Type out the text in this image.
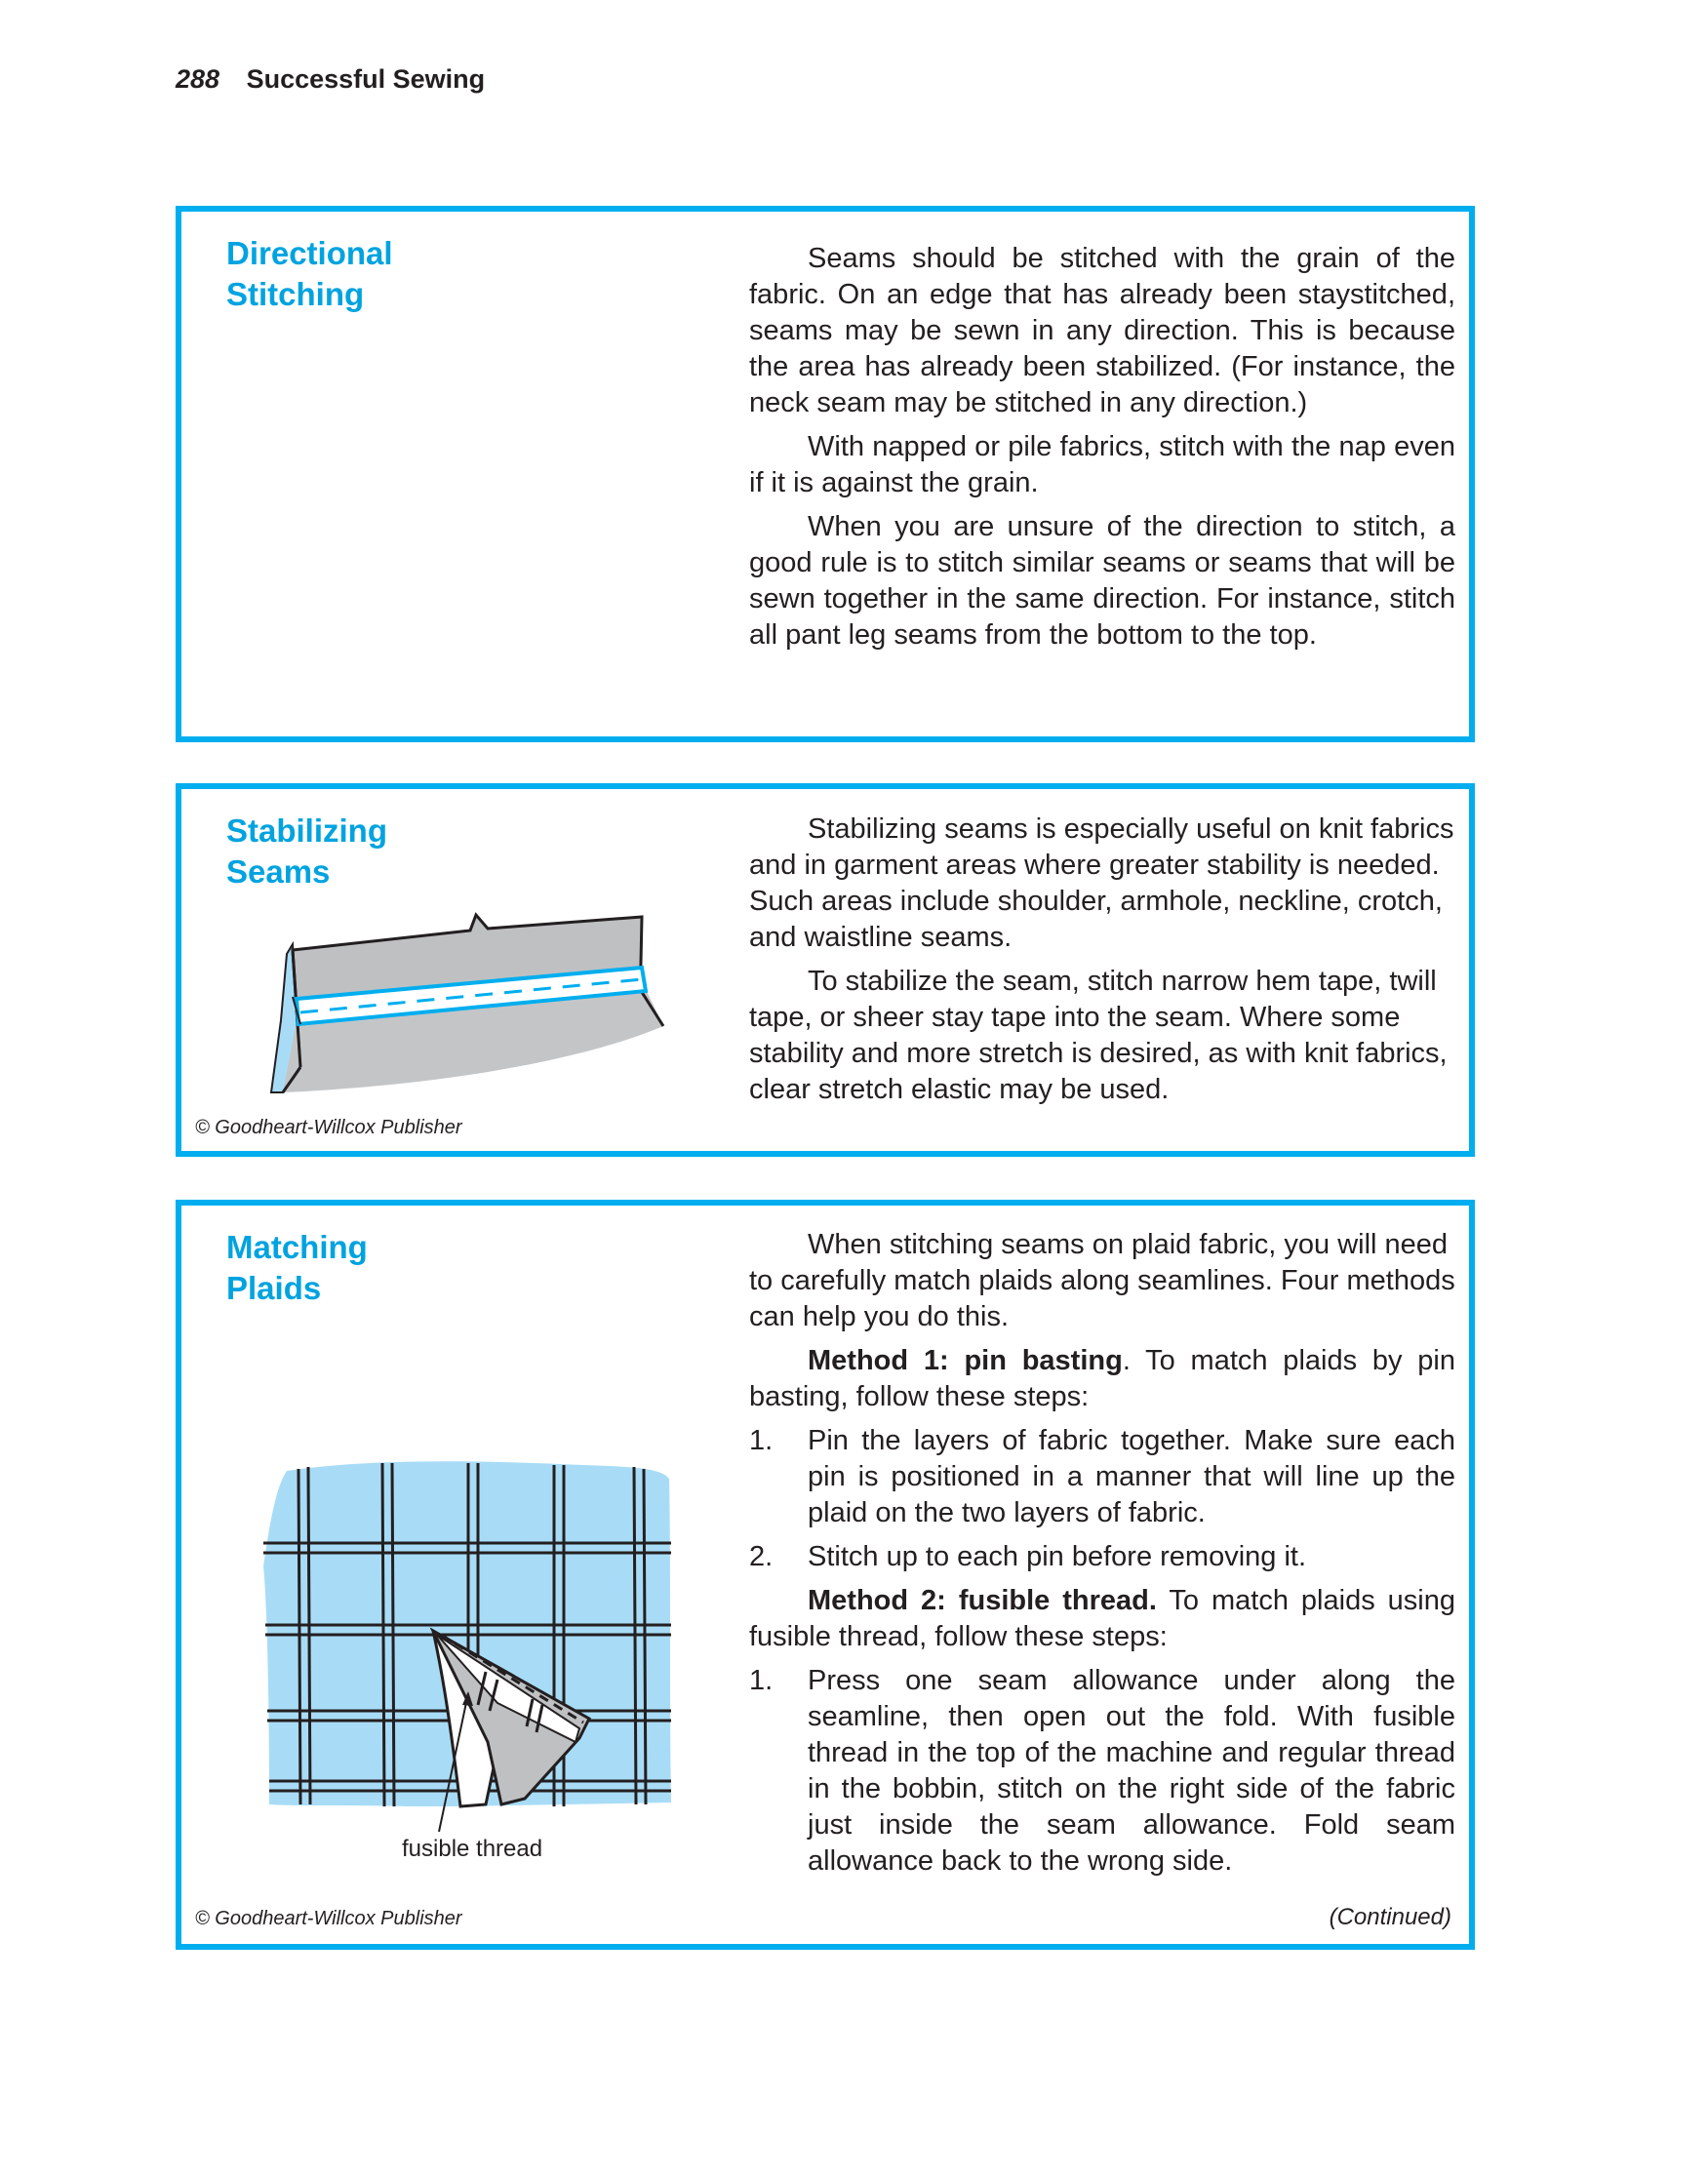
288 Successful Sewing
Directional
Stitching

Seams should be stitched with the grain of the fabric. On an edge that has already been staystitched, seams may be sewn in any direction. This is because the area has already been stabilized. (For instance, the neck seam may be stitched in any direction.)

With napped or pile fabrics, stitch with the nap even if it is against the grain.

When you are unsure of the direction to stitch, a good rule is to stitch similar seams or seams that will be sewn together in the same direction. For instance, stitch all pant leg seams from the bottom to the top.

Stabilizing
Seams
© Goodheart-Willcox Publisher

Stabilizing seams is especially useful on knit fabrics and in garment areas where greater stability is needed. Such areas include shoulder, armhole, neckline, crotch, and waistline seams.

To stabilize the seam, stitch narrow hem tape, twill tape, or sheer stay tape into the seam. Where some stability and more stretch is desired, as with knit fabrics, clear stretch elastic may be used.

Matching
Plaids
fusible thread
© Goodheart-Willcox Publisher	(Continued)

When stitching seams on plaid fabric, you will need to carefully match plaids along seamlines. Four methods can help you do this.

Method 1: pin basting. To match plaids by pin basting, follow these steps:

1. Pin the layers of fabric together. Make sure each pin is positioned in a manner that will line up the plaid on the two layers of fabric.
2. Stitch up to each pin before removing it.

Method 2: fusible thread. To match plaids using fusible thread, follow these steps:

1. Press one seam allowance under along the seamline, then open out the fold. With fusible thread in the top of the machine and regular thread in the bobbin, stitch on the right side of the fabric just inside the seam allowance. Fold seam allowance back to the wrong side.
